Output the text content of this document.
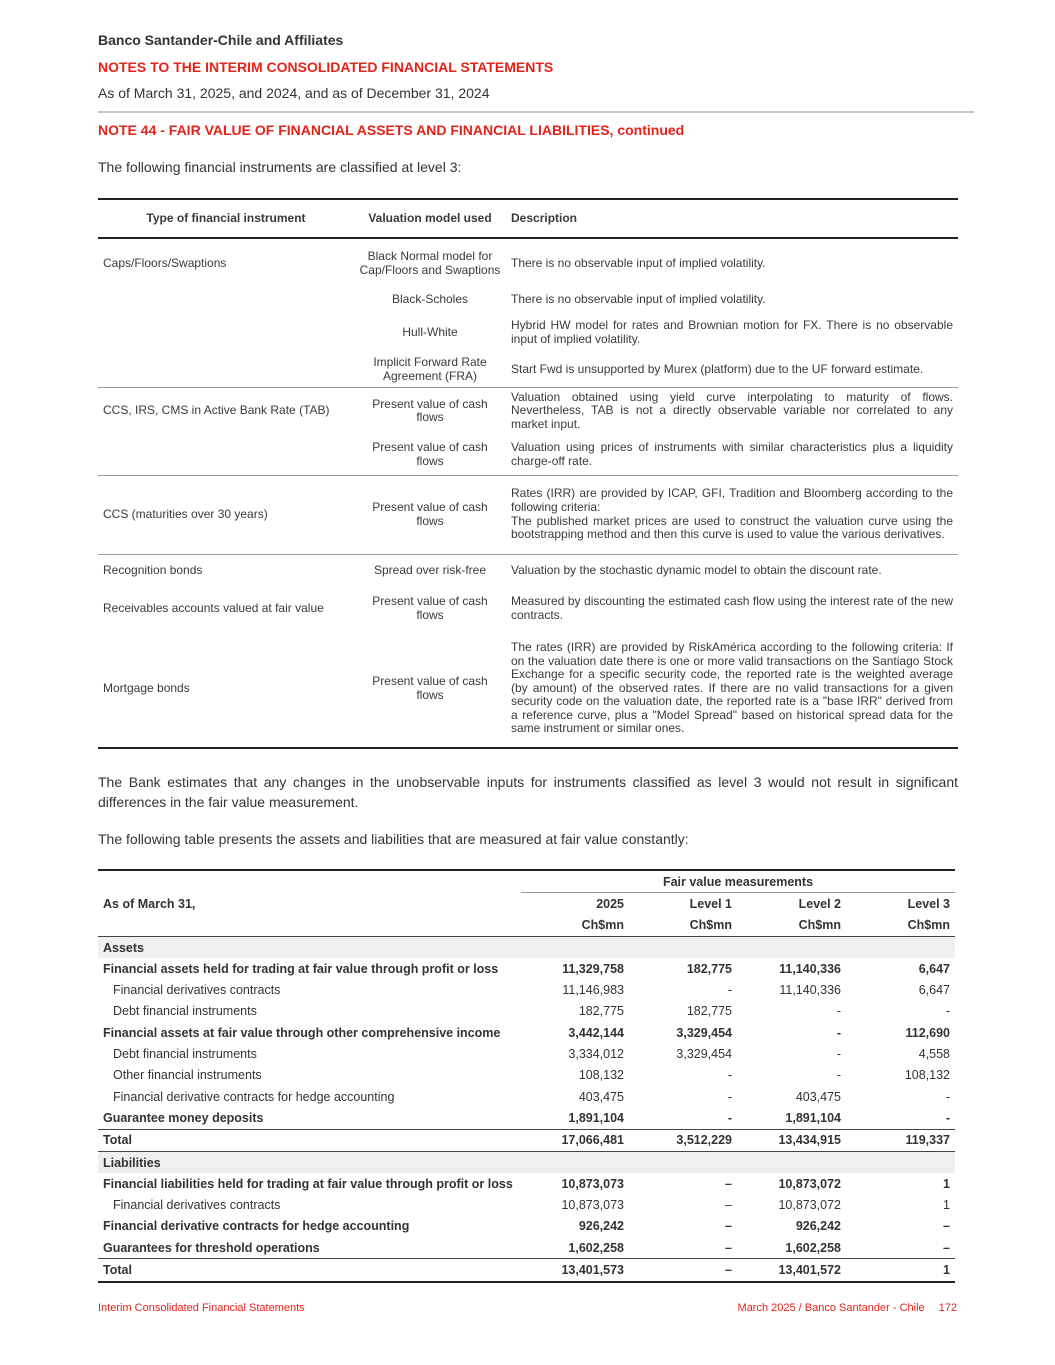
Banco Santander-Chile and Affiliates
NOTES TO THE INTERIM CONSOLIDATED FINANCIAL STATEMENTS
As of March 31, 2025, and 2024, and as of December 31, 2024
NOTE 44 - FAIR VALUE OF FINANCIAL ASSETS AND FINANCIAL LIABILITIES, continued
The following financial instruments are classified at level 3:
Type of financial instrument	Valuation model used	Description
Caps/Floors/Swaptions	Black Normal model for Cap/Floors and Swaptions	There is no observable input of implied volatility.
	Black-Scholes	There is no observable input of implied volatility.
	Hull-White	Hybrid HW model for rates and Brownian motion for FX. There is no observable input of implied volatility.
	Implicit Forward Rate Agreement (FRA)	Start Fwd is unsupported by Murex (platform) due to the UF forward estimate.
CCS, IRS, CMS in Active Bank Rate (TAB)	Present value of cash flows	Valuation obtained using yield curve interpolating to maturity of flows. Nevertheless, TAB is not a directly observable variable nor correlated to any market input.
	Present value of cash flows	Valuation using prices of instruments with similar characteristics plus a liquidity charge-off rate.
CCS (maturities over 30 years)	Present value of cash flows	Rates (IRR) are provided by ICAP, GFI, Tradition and Bloomberg according to the following criteria:
The published market prices are used to construct the valuation curve using the bootstrapping method and then this curve is used to value the various derivatives.

Recognition bonds	Spread over risk-free	Valuation by the stochastic dynamic model to obtain the discount rate.
Receivables accounts valued at fair value	Present value of cash flows	Measured by discounting the estimated cash flow using the interest rate of the new contracts.
Mortgage bonds	Present value of cash flows	The rates (IRR) are provided by RiskAmérica according to the following criteria: If on the valuation date there is one or more valid transactions on the Santiago Stock Exchange for a specific security code, the reported rate is the weighted average (by amount) of the observed rates. If there are no valid transactions for a given security code on the valuation date, the reported rate is a "base IRR" derived from a reference curve, plus a "Model Spread" based on historical spread data for the same instrument or similar ones.
The Bank estimates that any changes in the unobservable inputs for instruments classified as level 3 would not result in significant differences in the fair value measurement.
The following table presents the assets and liabilities that are measured at fair value constantly:
	Fair value measurements			
As of March 31,	2025	Level 1	Level 2	Level 3
	Ch$mn	Ch$mn	Ch$mn	Ch$mn
Assets				
Financial assets held for trading at fair value through profit or loss	11,329,758	182,775	11,140,336	6,647
Financial derivatives contracts	11,146,983	-	11,140,336	6,647
Debt financial instruments	182,775	182,775	-	-
Financial assets at fair value through other comprehensive income	3,442,144	3,329,454	-	112,690
Debt financial instruments	3,334,012	3,329,454	-	4,558
Other financial instruments	108,132	-	-	108,132
Financial derivative contracts for hedge accounting	403,475	-	403,475	-
Guarantee money deposits	1,891,104	-	1,891,104	-
Total	17,066,481	3,512,229	13,434,915	119,337
Liabilities				
Financial liabilities held for trading at fair value through profit or loss	10,873,073	–	10,873,072	1
Financial derivatives contracts	10,873,073	–	10,873,072	1
Financial derivative contracts for hedge accounting	926,242	–	926,242	–
Guarantees for threshold operations	1,602,258	–	1,602,258	–
Total	13,401,573	–	13,401,572	1
Interim Consolidated Financial Statements	March 2025 / Banco Santander - Chile 172
